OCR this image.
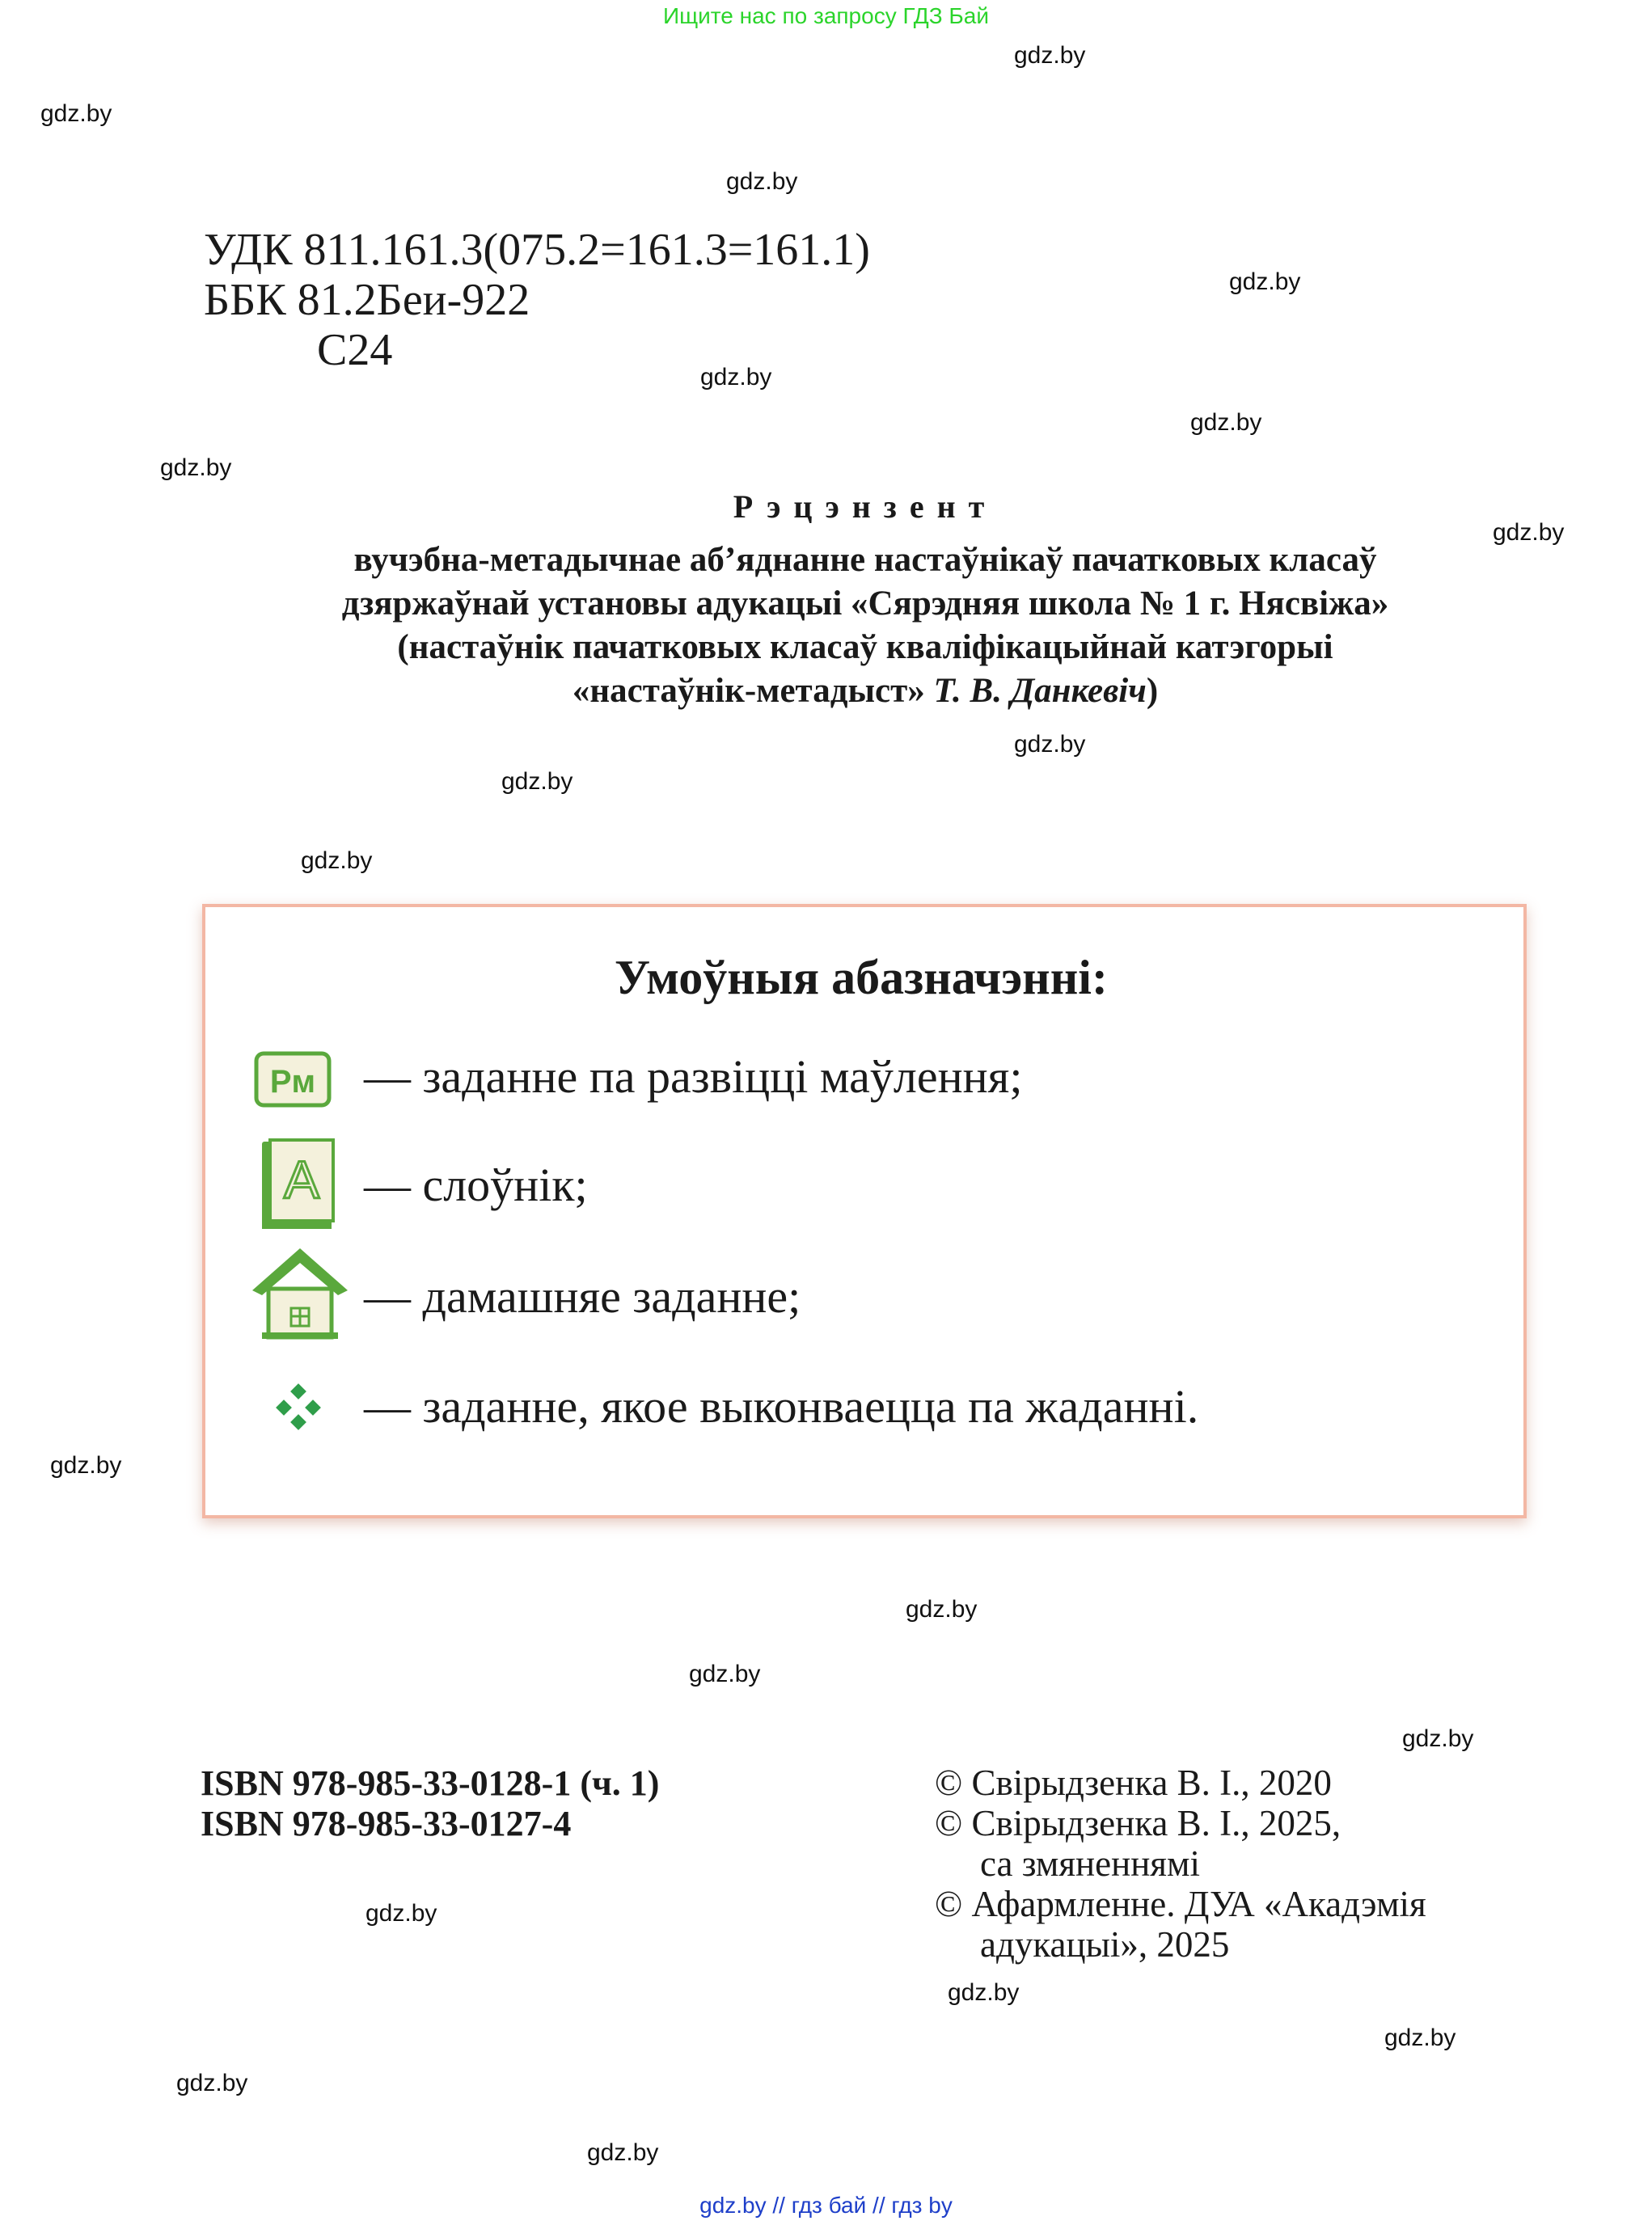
Ищите нас по запросу ГДЗ Бай
gdz.by
gdz.by
gdz.by
gdz.by
gdz.by
gdz.by
gdz.by
gdz.by
gdz.by
gdz.by
gdz.by
gdz.by
gdz.by
gdz.by
gdz.by
gdz.by
gdz.by
gdz.by
gdz.by
gdz.by
УДК 811.161.3(075.2=161.3=161.1)
ББК 81.2Беи-922
С24
Рэцэнзент
вучэбна-метадычнае аб’яднанне настаўнікаў пачатковых класаў
дзяржаўнай установы адукацыі «Сярэдняя школа № 1 г. Нясвіжа»
(настаўнік пачатковых класаў кваліфікацыйнай катэгорыі
«настаўнік-метадыст» Т. В. Данкевіч)
Умоўныя абазначэнні:
Рм — заданне па развіцці маўлення;
А — слоўнік;
— дамашняе заданне;
— заданне, якое выконваецца па жаданні.
ISBN 978-985-33-0128-1 (ч. 1)
ISBN 978-985-33-0127-4
© Свірыдзенка В. І., 2020
© Свірыдзенка В. І., 2025,
са змяненнямі
© Афармленне. ДУА «Акадэмія
адукацыі», 2025
gdz.by // гдз бай // гдз by
